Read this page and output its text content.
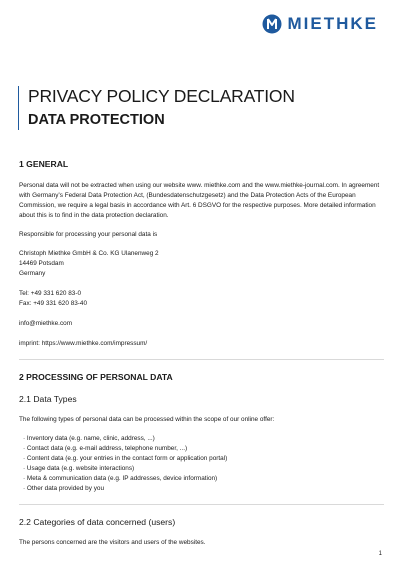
MIETHKE
PRIVACY POLICY DECLARATION
DATA PROTECTION
1 GENERAL

Personal data will not be extracted when using our website www. miethke.com and the www.miethke-journal.com. In agreement with Germany’s Federal Data Protection Act, (Bundesdatenschutzgesetz) and the Data Protection Acts of the European Commission, we require a legal basis in accordance with Art. 6 DSGVO for the respective purposes. More detailed information about this is to find in the data protection declaration.

Responsible for processing your personal data is

Christoph Miethke GmbH & Co. KG Ulanenweg 2

14469 Potsdam

Germany

Tel: +49 331 620 83-0

Fax: +49 331 620 83-40

info@miethke.com

imprint: https://www.miethke.com/impressum/

2 PROCESSING OF PERSONAL DATA
2.1 Data Types

The following types of personal data can be processed within the scope of our online offer:

· Inventory data (e.g. name, clinic, address, ...)
· Contact data (e.g. e-mail address, telephone number, ...)
· Content data (e.g. your entries in the contact form or application portal)
· Usage data (e.g. website interactions)
· Meta & communication data (e.g. IP addresses, device information)
· Other data provided by you
2.2 Categories of data concerned (users)

The persons concerned are the visitors and users of the websites.

1
